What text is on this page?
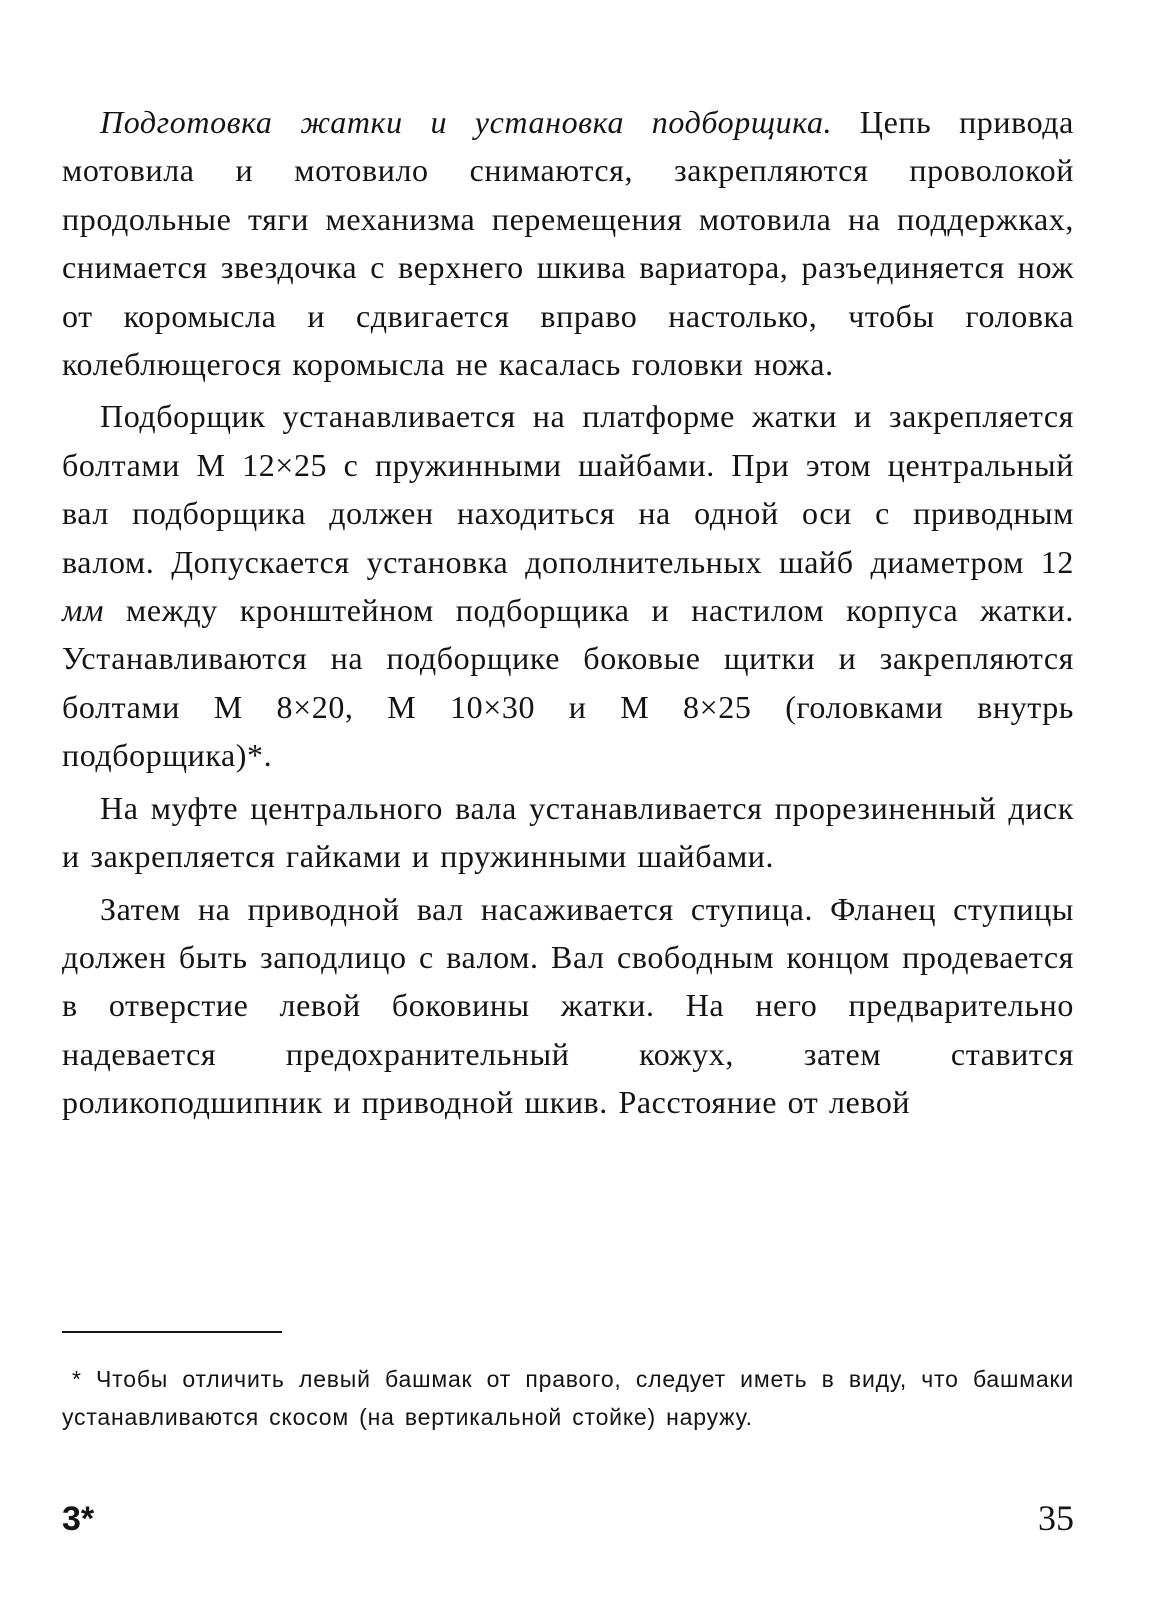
Подготовка жатки и установка подборщика. Цепь привода мотовила и мотовило снимаются, закрепляются проволокой продольные тяги механизма перемещения мотовила на поддержках, снимается звездочка с верхнего шкива вариатора, разъединяется нож от коромысла и сдвигается вправо настолько, чтобы головка колеблющегося коромысла не касалась головки ножа.

Подборщик устанавливается на платформе жатки и закрепляется болтами М 12×25 с пружинными шайбами. При этом центральный вал подборщика должен находиться на одной оси с приводным валом. Допускается установка дополнительных шайб диаметром 12 мм между кронштейном подборщика и настилом корпуса жатки. Устанавливаются на подборщике боковые щитки и закрепляются болтами М 8×20, М 10×30 и М 8×25 (головками внутрь подборщика)*.

На муфте центрального вала устанавливается прорезиненный диск и закрепляется гайками и пружинными шайбами.

Затем на приводной вал насаживается ступица. Фланец ступицы должен быть заподлицо с валом. Вал свободным концом продевается в отверстие левой боковины жатки. На него предварительно надевается предохранительный кожух, затем ставится роликоподшипник и приводной шкив. Расстояние от левой

* Чтобы отличить левый башмак от правого, следует иметь в виду, что башмаки устанавливаются скосом (на вертикальной стойке) наружу.

3*	35
